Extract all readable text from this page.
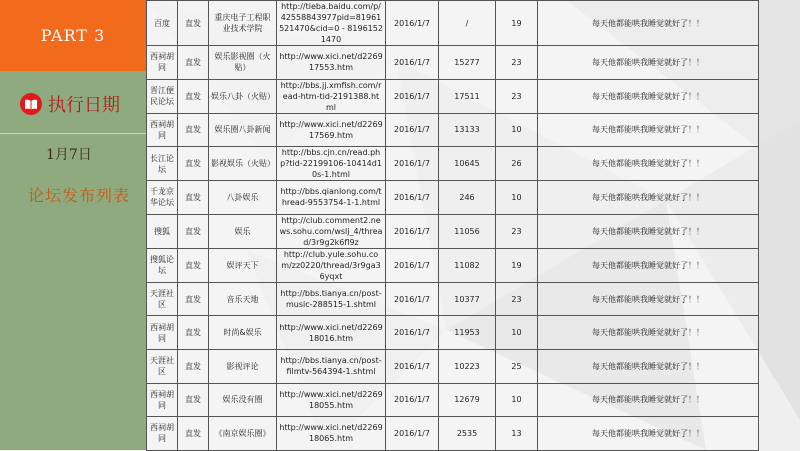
PART 3
执行日期
1月7日
论坛发布列表
百度	直发	重庆电子工程职业技术学院	http://tieba.baidu.com/p/42558843977pid=81961521470&cid=0 - 81961521470	2016/1/7	/	19	每天他都能哄我睡觉就好了！！
西祠胡同	直发	娱乐影视圈（火贴）	http://www.xici.net/d226917553.htm	2016/1/7	15277	23	每天他都能哄我睡觉就好了！！
晋江便民论坛	直发	娱乐八卦（火贴）	http://bbs.jj.xmfish.com/read-htm-tid-2191388.html	2016/1/7	17511	23	每天他都能哄我睡觉就好了！！
西祠胡同	直发	娱乐圈八卦新闻	http://www.xici.net/d226917569.htm	2016/1/7	13133	10	每天他都能哄我睡觉就好了！！
长江论坛	直发	影视娱乐（火贴）	http://bbs.cjn.cn/read.php?tid-22199106-10414d10s-1.html	2016/1/7	10645	26	每天他都能哄我睡觉就好了！！
千龙京华论坛	直发	八卦娱乐	http://bbs.qianlong.com/thread-9553754-1-1.html	2016/1/7	246	10	每天他都能哄我睡觉就好了！！
搜狐	直发	娱乐	http://club.comment2.news.sohu.com/wslj_4/thread/3r9g2k6fl9z	2016/1/7	11056	23	每天他都能哄我睡觉就好了！！
搜狐论坛	直发	娱评天下	http://club.yule.sohu.com/zz0220/thread/3r9ga36yqxt	2016/1/7	11082	19	每天他都能哄我睡觉就好了！！
天涯社区	直发	音乐天地	http://bbs.tianya.cn/post-music-288515-1.shtml	2016/1/7	10377	23	每天他都能哄我睡觉就好了！！
西祠胡同	直发	时尚&娱乐	http://www.xici.net/d226918016.htm	2016/1/7	11953	10	每天他都能哄我睡觉就好了！！
天涯社区	直发	影视评论	http://bbs.tianya.cn/post-filmtv-564394-1.shtml	2016/1/7	10223	25	每天他都能哄我睡觉就好了！！
西祠胡同	直发	娱乐没有圈	http://www.xici.net/d226918055.htm	2016/1/7	12679	10	每天他都能哄我睡觉就好了！！
西祠胡同	直发	《南京娱乐圈》	http://www.xici.net/d226918065.htm	2016/1/7	2535	13	每天他都能哄我睡觉就好了！！
